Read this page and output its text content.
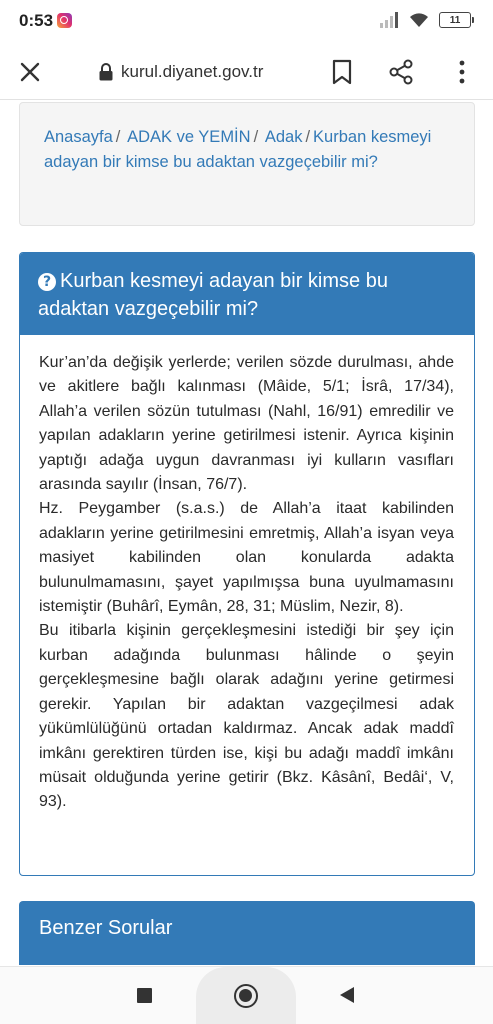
0:53	11
kurul.diyanet.gov.tr
Anasayfa / ADAK ve YEMİN / Adak / Kurban kesmeyi adayan bir kimse bu adaktan vazgeçebilir mi?
? Kurban kesmeyi adayan bir kimse bu adaktan vazgeçebilir mi?

Kur’an’da değişik yerlerde; verilen sözde durulması, ahde ve akitlere bağlı kalınması (Mâide, 5/1; İsrâ, 17/34), Allah’a verilen sözün tutulması (Nahl, 16/91) emredilir ve yapılan adakların yerine getirilmesi istenir. Ayrıca kişinin yaptığı adağa uygun davranması iyi kulların vasıfları arasında sayılır (İnsan, 76/7).

Hz. Peygamber (s.a.s.) de Allah’a itaat kabilinden adakların yerine getirilmesini emretmiş, Allah’a isyan veya masiyet kabilinden olan konularda adakta bulunulmamasını, şayet yapılmışsa buna uyulmamasını istemiştir (Buhârî, Eymân, 28, 31; Müslim, Nezir, 8).

Bu itibarla kişinin gerçekleşmesini istediği bir şey için kurban adağında bulunması hâlinde o şeyin gerçekleşmesine bağlı olarak adağını yerine getirmesi gerekir. Yapılan bir adaktan vazgeçilmesi adak yükümlülüğünü ortadan kaldırmaz. Ancak adak maddî imkânı gerektiren türden ise, kişi bu adağı maddî imkânı müsait olduğunda yerine getirir (Bkz. Kâsânî, Bedâi‘, V, 93).

Benzer Sorular
